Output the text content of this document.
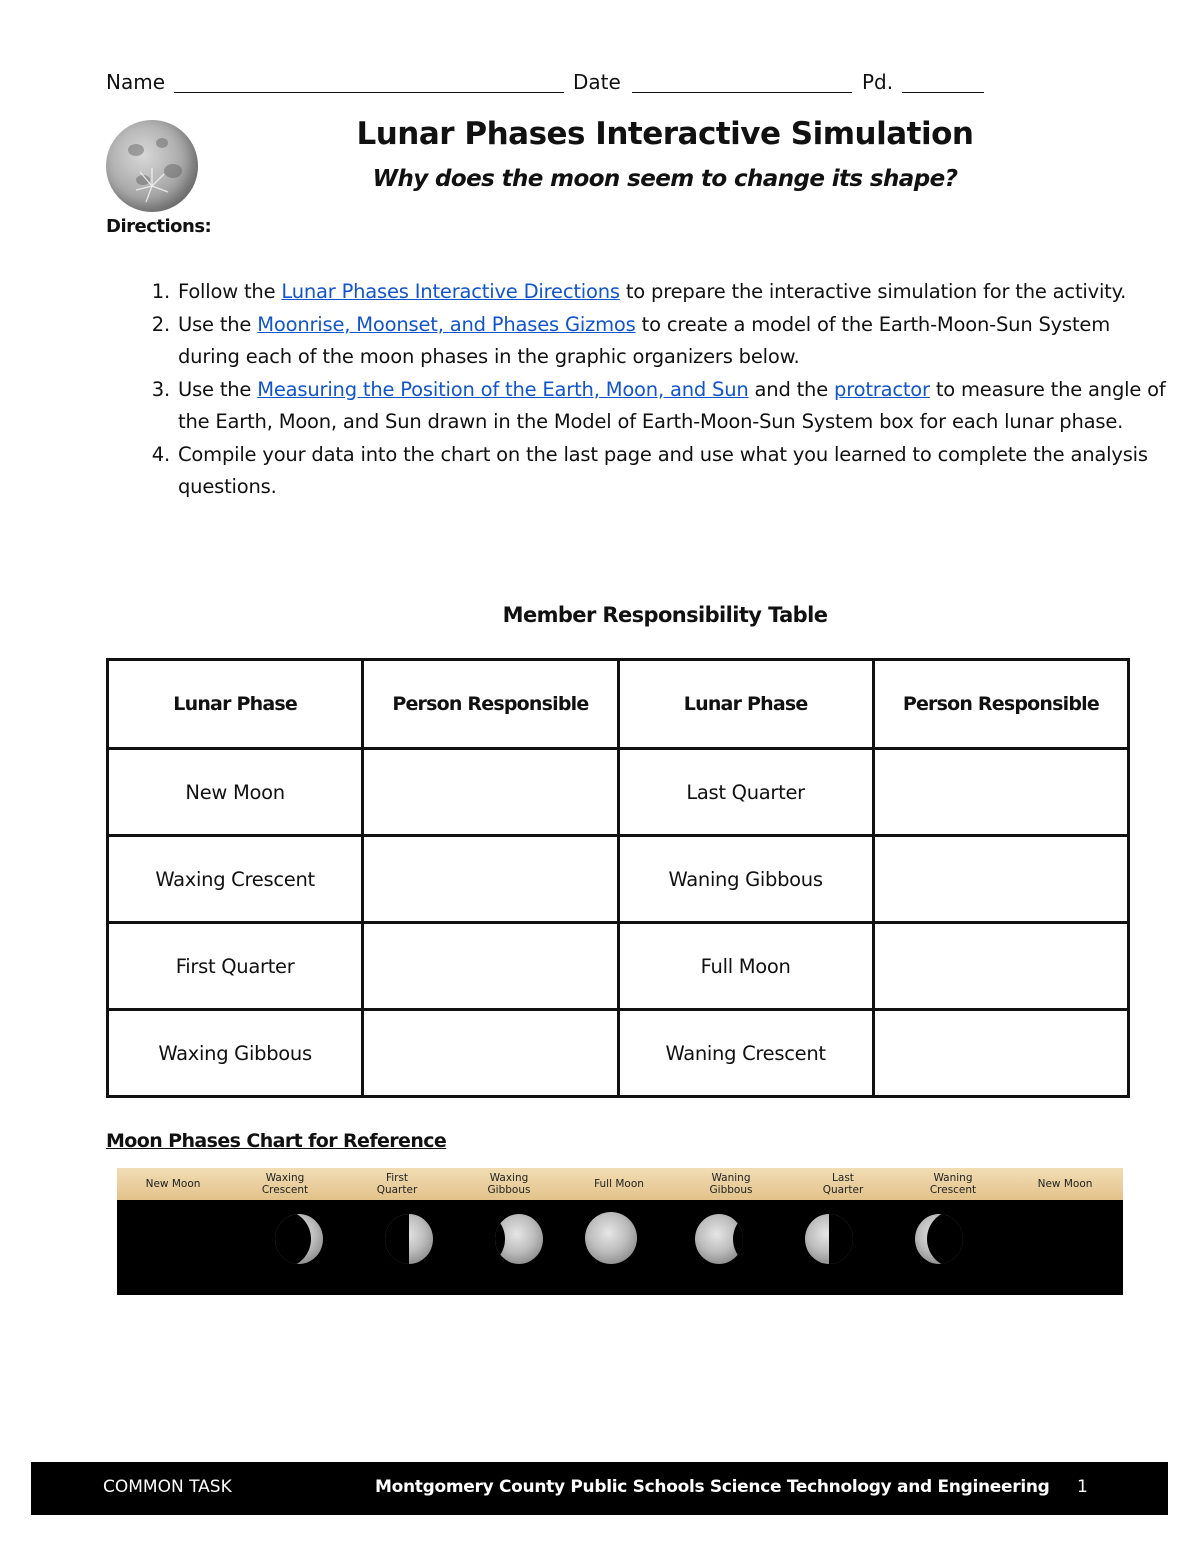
Name	Date	Pd.
Lunar Phases Interactive Simulation
Why does the moon seem to change its shape?
Directions:
1. Follow the Lunar Phases Interactive Directions to prepare the interactive simulation for the activity.
2. Use the Moonrise, Moonset, and Phases Gizmos to create a model of the Earth-Moon-Sun System during each of the moon phases in the graphic organizers below.
3. Use the Measuring the Position of the Earth, Moon, and Sun and the protractor to measure the angle of the Earth, Moon, and Sun drawn in the Model of Earth-Moon-Sun System box for each lunar phase.
4. Compile your data into the chart on the last page and use what you learned to complete the analysis questions.
Member Responsibility Table
Lunar Phase	Person Responsible	Lunar Phase	Person Responsible
New Moon		Last Quarter	
Waxing Crescent		Waning Gibbous	
First Quarter		Full Moon	
Waxing Gibbous		Waning Crescent	
Moon Phases Chart for Reference
New Moon	Waxing
Crescent
First
Quarter
Waxing
Gibbous	Full Moon	Waning
Gibbous
Last
Quarter
Waning
Crescent	New Moon
COMMON TASK	Montgomery County Public Schools Science Technology and Engineering 1
